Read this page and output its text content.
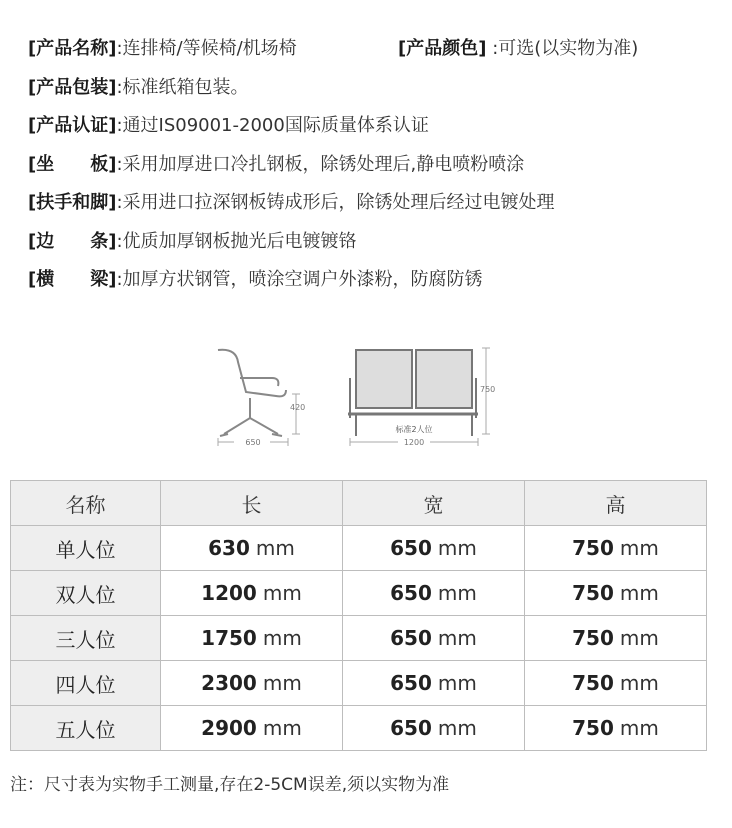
[产品名称] :连排椅/等候椅/机场椅	[产品颜色] :可选(以实物为准)
[产品包装] :标准纸箱包装。
[产品认证] :通过IS09001-2000国际质量体系认证
[坐　　板] :采用加厚进口冷扎钢板，除锈处理后,静电喷粉喷涂
[扶手和脚] :采用进口拉深钢板铸成形后，除锈处理后经过电镀处理
[边　　条] :优质加厚钢板抛光后电镀镀铬
[横　　梁] :加厚方状钢管，喷涂空调户外漆粉，防腐防锈
420
650
标准2人位
750
1200
名称	长	宽	高
单人位	630 mm	650 mm	750 mm
双人位	1200 mm	650 mm	750 mm
三人位	1750 mm	650 mm	750 mm
四人位	2300 mm	650 mm	750 mm
五人位	2900 mm	650 mm	750 mm
注：尺寸表为实物手工测量,存在2-5CM误差,须以实物为准
